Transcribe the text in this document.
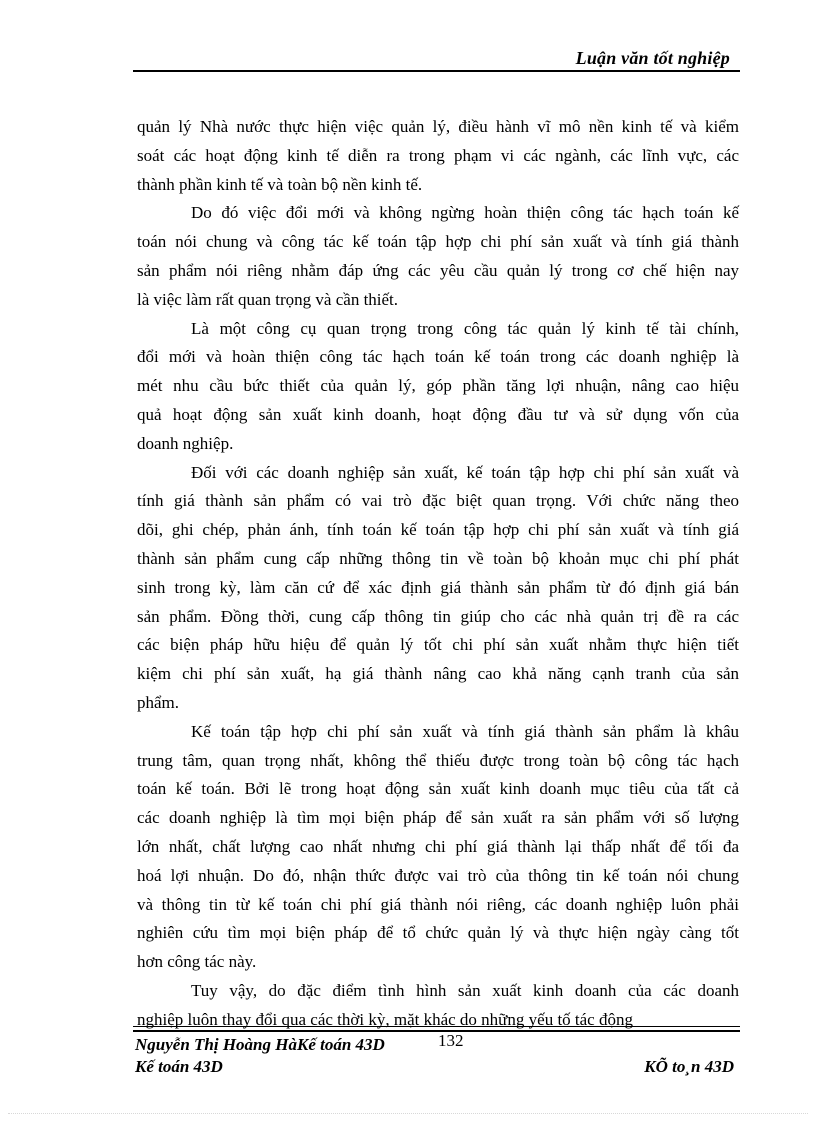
Luận văn tốt nghiệp
quản lý Nhà nước thực hiện việc quản lý, điều hành vĩ mô nền kinh tế và kiểm
soát các hoạt động kinh tế diễn ra trong phạm vi các ngành, các lĩnh vực, các
thành phần kinh tế và toàn bộ nền kinh tế.
Do đó việc đổi mới và không ngừng hoàn thiện công tác hạch toán kế
toán nói chung và công tác kế toán tập hợp chi phí sản xuất và tính giá thành
sản phẩm nói riêng nhằm đáp ứng các yêu cầu quản lý trong cơ chế hiện nay
là việc làm rất quan trọng và cần thiết.
Là một công cụ quan trọng trong công tác quản lý kinh tế tài chính,
đổi mới và hoàn thiện công tác hạch toán kế toán trong các doanh nghiệp là
mét nhu cầu bức thiết của quản lý, góp phần tăng lợi nhuận, nâng cao hiệu
quả hoạt động sản xuất kinh doanh, hoạt động đầu tư và sử dụng vốn của
doanh nghiệp.
Đối với các doanh nghiệp sản xuất, kế toán tập hợp chi phí sản xuất và
tính giá thành sản phẩm có vai trò đặc biệt quan trọng. Với chức năng theo
dõi, ghi chép, phản ánh, tính toán kế toán tập hợp chi phí sản xuất và tính giá
thành sản phẩm cung cấp những thông tin về toàn bộ khoản mục chi phí phát
sinh trong kỳ, làm căn cứ để xác định giá thành sản phẩm từ đó định giá bán
sản phẩm. Đồng thời, cung cấp thông tin giúp cho các nhà quản trị đề ra các
các biện pháp hữu hiệu để quản lý tốt chi phí sản xuất nhằm thực hiện tiết
kiệm chi phí sản xuất, hạ giá thành nâng cao khả năng cạnh tranh của sản
phẩm.
Kế toán tập hợp chi phí sản xuất và tính giá thành sản phẩm là khâu
trung tâm, quan trọng nhất, không thể thiếu được trong toàn bộ công tác hạch
toán kế toán. Bởi lẽ trong hoạt động sản xuất kinh doanh mục tiêu của tất cả
các doanh nghiệp là tìm mọi biện pháp để sản xuất ra sản phẩm với số lượng
lớn nhất, chất lượng cao nhất nhưng chi phí giá thành lại thấp nhất để tối đa
hoá lợi nhuận. Do đó, nhận thức được vai trò của thông tin kế toán nói chung
và thông tin từ kế toán chi phí giá thành nói riêng, các doanh nghiệp luôn phải
nghiên cứu tìm mọi biện pháp để tổ chức quản lý và thực hiện ngày càng tốt
hơn công tác này.
Tuy vậy, do đặc điểm tình hình sản xuất kinh doanh của các doanh
nghiệp luôn thay đổi qua các thời kỳ, mặt khác do những yếu tố tác động
Nguyễn Thị Hoàng HàKế toán 43D	132
Kế toán 43D	KÕ to¸n 43D
